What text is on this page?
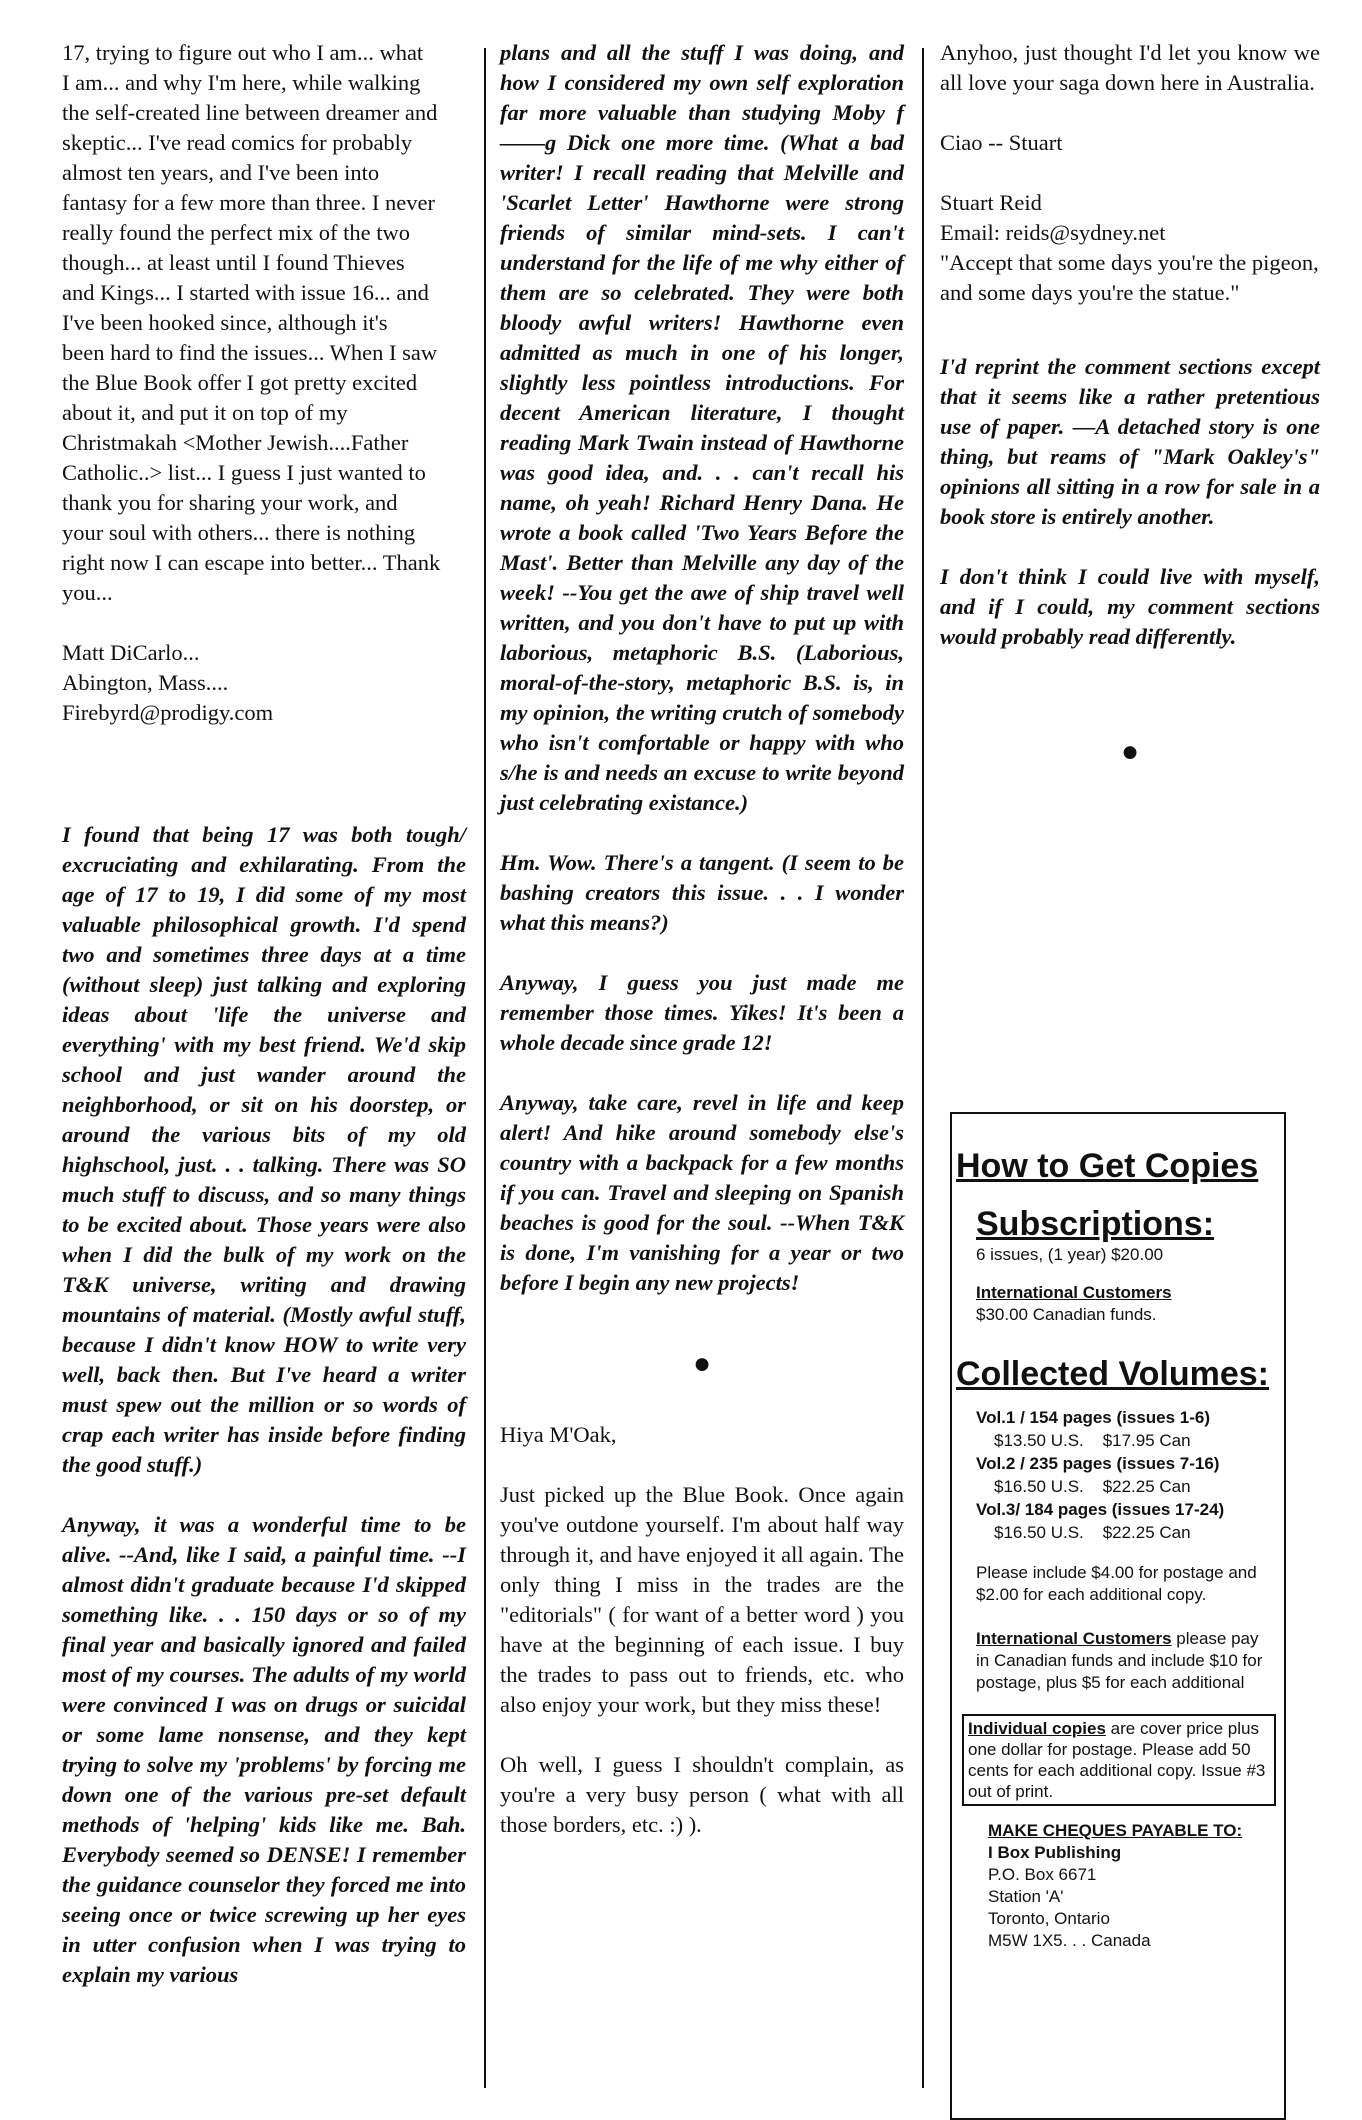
17, trying to figure out who I am... what
I am... and why I'm here, while walking
the self-created line between dreamer and
skeptic... I've read comics for probably
almost ten years, and I've been into
fantasy for a few more than three. I never
really found the perfect mix of the two
though... at least until I found Thieves
and Kings... I started with issue 16... and
I've been hooked since, although it's
been hard to find the issues... When I saw
the Blue Book offer I got pretty excited
about it, and put it on top of my
Christmakah <Mother Jewish....Father
Catholic..> list... I guess I just wanted to
thank you for sharing your work, and
your soul with others... there is nothing
right now I can escape into better... Thank
you...
Matt DiCarlo...
Abington, Mass....
Firebyrd@prodigy.com

I found that being 17 was both tough/ excruciating and exhilarating. From the age of 17 to 19, I did some of my most valuable philosophical growth. I'd spend two and sometimes three days at a time (without sleep) just talking and exploring ideas about 'life the universe and everything' with my best friend. We'd skip school and just wander around the neighborhood, or sit on his doorstep, or around the various bits of my old highschool, just. . . talking. There was SO much stuff to discuss, and so many things to be excited about. Those years were also when I did the bulk of my work on the T&K universe, writing and drawing mountains of material. (Mostly awful stuff, because I didn't know HOW to write very well, back then. But I've heard a writer must spew out the million or so words of crap each writer has inside before finding the good stuff.)

Anyway, it was a wonderful time to be alive. --And, like I said, a painful time. --I almost didn't graduate because I'd skipped something like. . . 150 days or so of my final year and basically ignored and failed most of my courses. The adults of my world were convinced I was on drugs or suicidal or some lame nonsense, and they kept trying to solve my 'problems' by forcing me down one of the various pre-set default methods of 'helping' kids like me. Bah. Everybody seemed so DENSE! I remember the guidance counselor they forced me into seeing once or twice screwing up her eyes in utter confusion when I was trying to explain my various

plans and all the stuff I was doing, and how I considered my own self exploration far more valuable than studying Moby f——g Dick one more time. (What a bad writer! I recall reading that Melville and 'Scarlet Letter' Hawthorne were strong friends of similar mind-sets. I can't understand for the life of me why either of them are so celebrated. They were both bloody awful writers! Hawthorne even admitted as much in one of his longer, slightly less pointless introductions. For decent American literature, I thought reading Mark Twain instead of Hawthorne was good idea, and. . . can't recall his name, oh yeah! Richard Henry Dana. He wrote a book called 'Two Years Before the Mast'. Better than Melville any day of the week! --You get the awe of ship travel well written, and you don't have to put up with laborious, metaphoric B.S. (Laborious, moral-of-the-story, metaphoric B.S. is, in my opinion, the writing crutch of somebody who isn't comfortable or happy with who s/he is and needs an excuse to write beyond just celebrating existance.)

Hm. Wow. There's a tangent. (I seem to be bashing creators this issue. . . I wonder what this means?)

Anyway, I guess you just made me remember those times. Yikes! It's been a whole decade since grade 12!

Anyway, take care, revel in life and keep alert! And hike around somebody else's country with a backpack for a few months if you can. Travel and sleeping on Spanish beaches is good for the soul. --When T&K is done, I'm vanishing for a year or two before I begin any new projects!

●

Hiya M'Oak,

Just picked up the Blue Book. Once again you've outdone yourself. I'm about half way through it, and have enjoyed it all again. The only thing I miss in the trades are the "editorials" ( for want of a better word ) you have at the beginning of each issue. I buy the trades to pass out to friends, etc. who also enjoy your work, but they miss these!

Oh well, I guess I shouldn't complain, as you're a very busy person ( what with all those borders, etc. :) ).

Anyhoo, just thought I'd let you know we all love your saga down here in Australia.

Ciao -- Stuart

Stuart Reid

Email: reids@sydney.net

"Accept that some days you're the pigeon, and some days you're the statue."

I'd reprint the comment sections except that it seems like a rather pretentious use of paper. —A detached story is one thing, but reams of "Mark Oakley's" opinions all sitting in a row for sale in a book store is entirely another.

I don't think I could live with myself, and if I could, my comment sections would probably read differently.

●
How to Get Copies
Subscriptions:
6 issues, (1 year) $20.00
International Customers
$30.00 Canadian funds.
Collected Volumes:
Vol.1 / 154 pages (issues 1-6)
$13.50 U.S. $17.95 Can
Vol.2 / 235 pages (issues 7-16)
$16.50 U.S. $22.25 Can
Vol.3/ 184 pages (issues 17-24)
$16.50 U.S. $22.25 Can
Please include $4.00 for postage and $2.00 for each additional copy.
International Customers please pay in Canadian funds and include $10 for postage, plus $5 for each additional
Individual copies are cover price plus one dollar for postage. Please add 50 cents for each additional copy. Issue #3 out of print.
MAKE CHEQUES PAYABLE TO:
I Box Publishing
P.O. Box 6671
Station 'A'
Toronto, Ontario
M5W 1X5. . . Canada
